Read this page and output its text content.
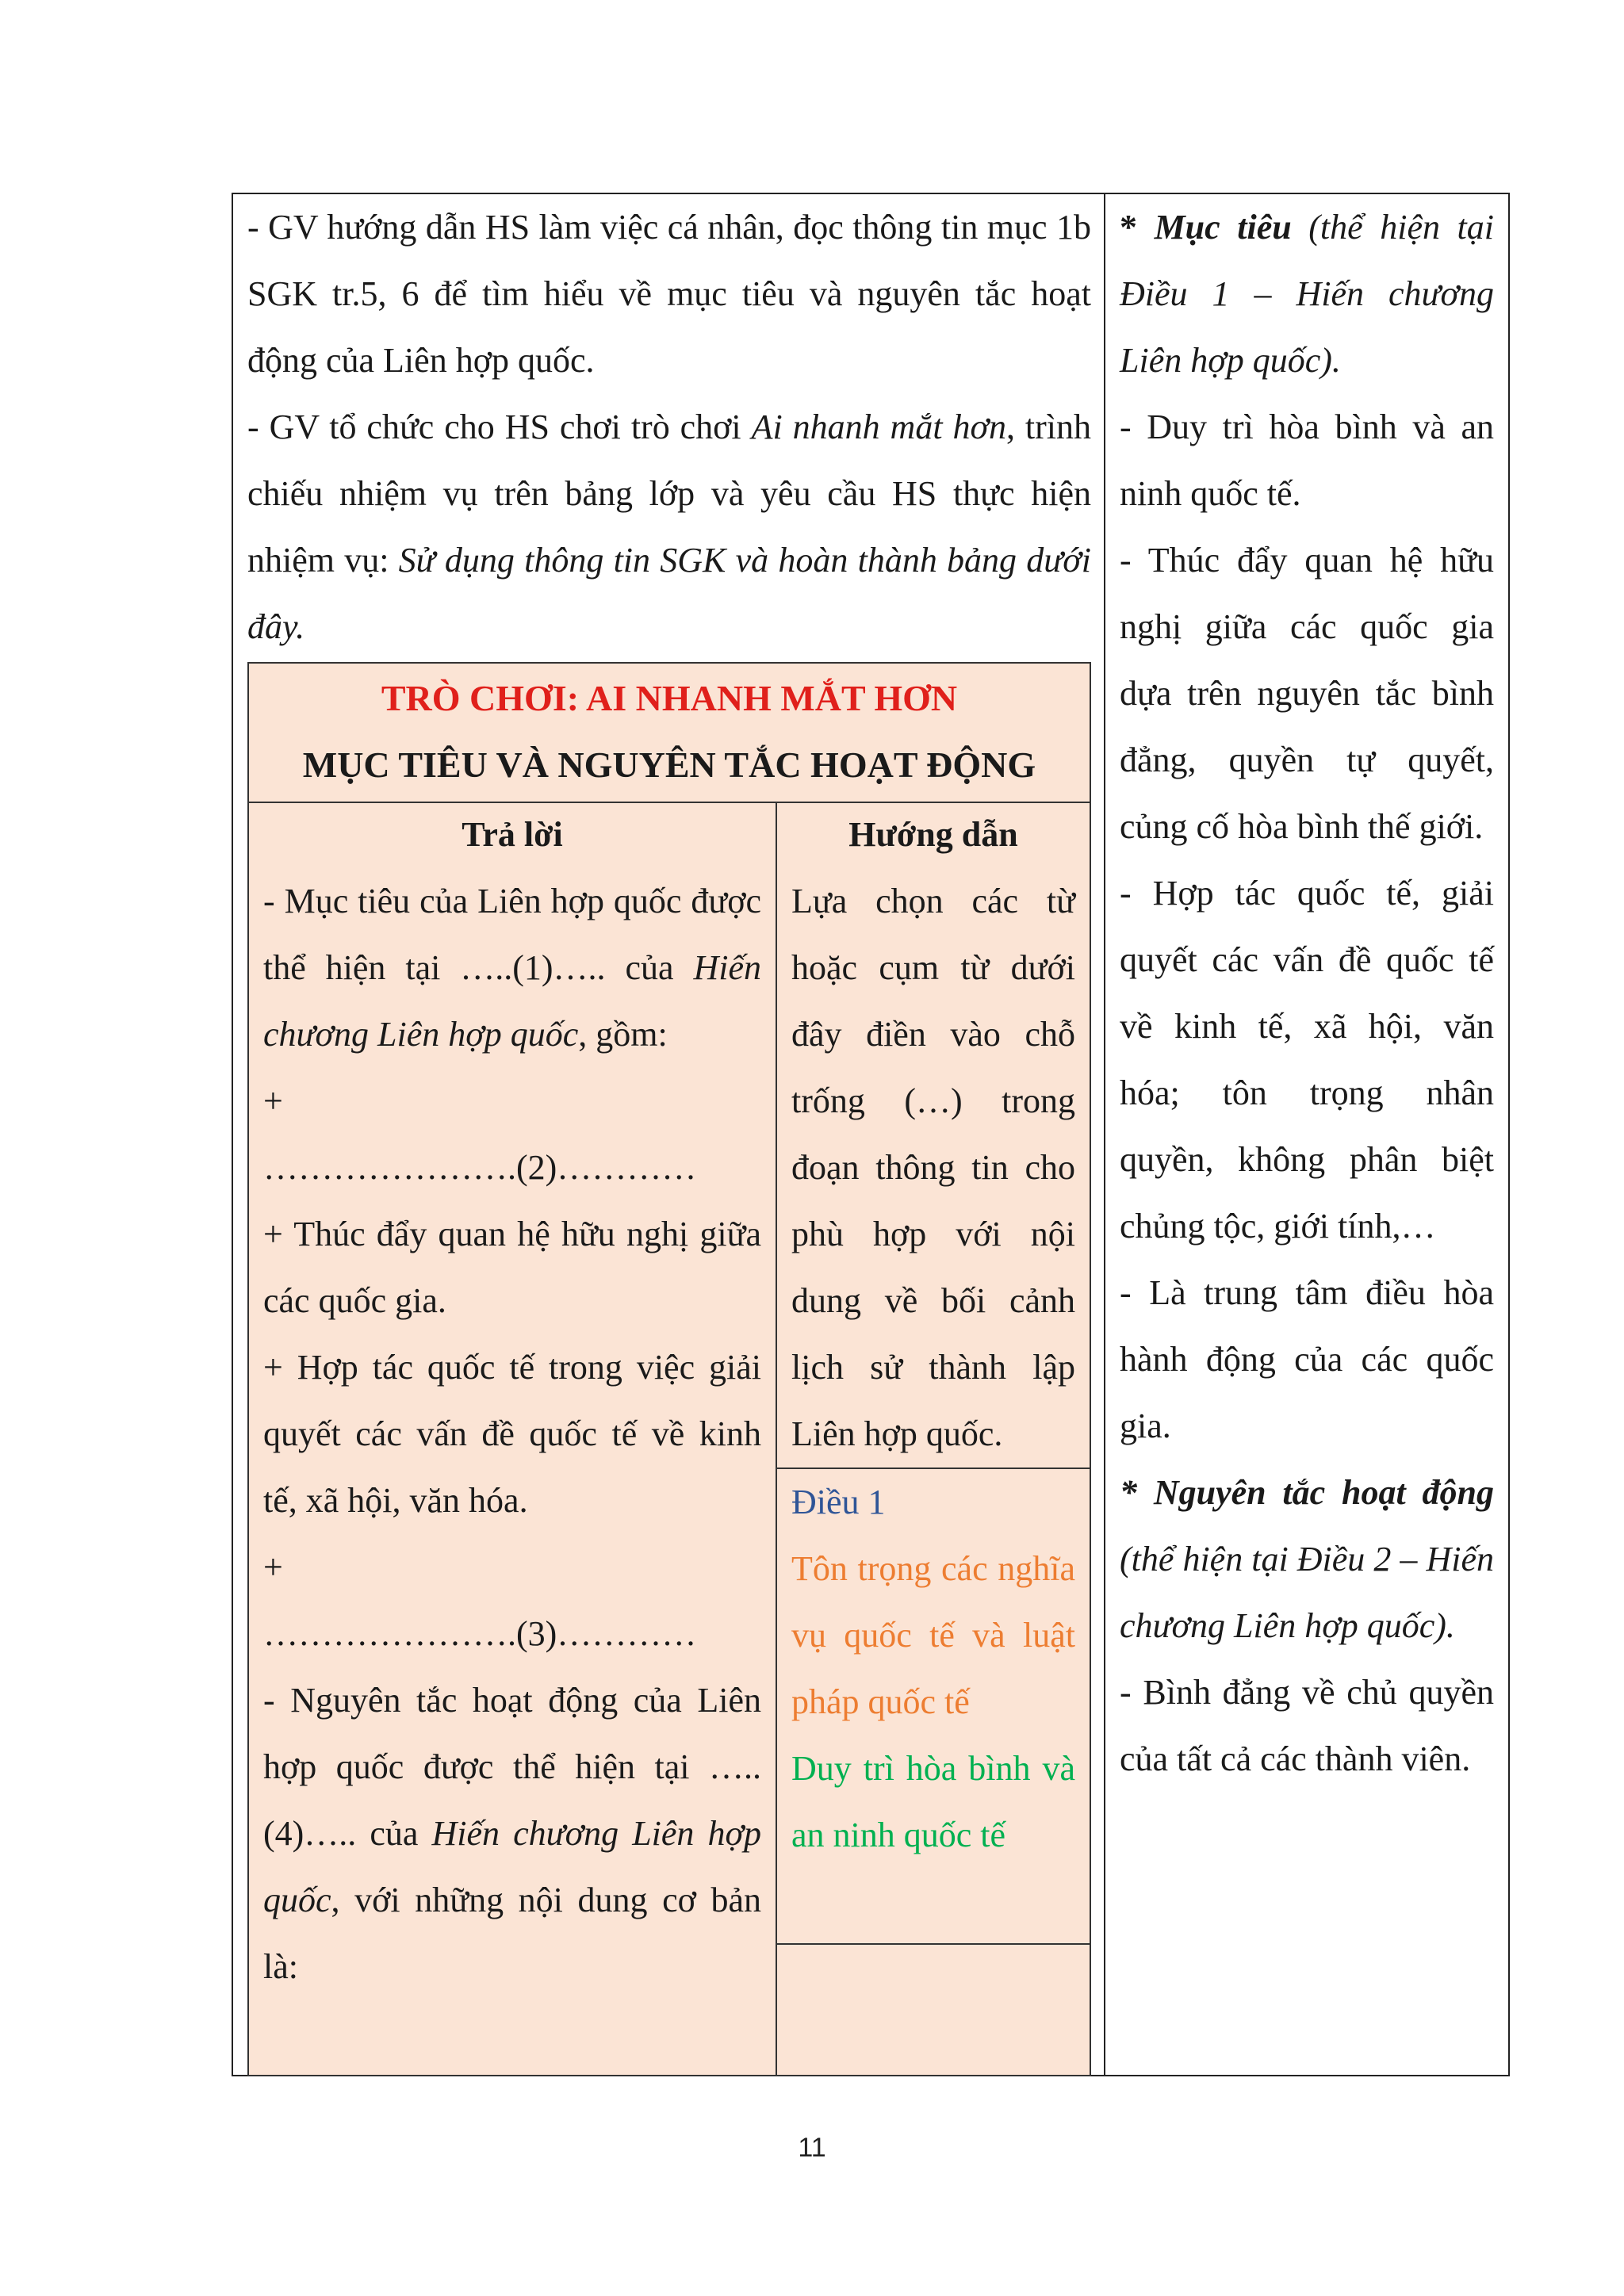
- GV hướng dẫn HS làm việc cá nhân, đọc thông tin mục 1b SGK tr.5, 6 để tìm hiểu về mục tiêu và nguyên tắc hoạt động của Liên hợp quốc.

- GV tổ chức cho HS chơi trò chơi Ai nhanh mắt hơn, trình chiếu nhiệm vụ trên bảng lớp và yêu cầu HS thực hiện nhiệm vụ: Sử dụng thông tin SGK và hoàn thành bảng dưới đây.

TRÒ CHƠI: AI NHANH MẮT HƠN
MỤC TIÊU VÀ NGUYÊN TẮC HOẠT ĐỘNG

Trả lời

- Mục tiêu của Liên hợp quốc được thể hiện tại …..(1)….. của Hiến chương Liên hợp quốc, gồm:

+

………………….(2)…………

+ Thúc đẩy quan hệ hữu nghị giữa các quốc gia.

+ Hợp tác quốc tế trong việc giải quyết các vấn đề quốc tế về kinh tế, xã hội, văn hóa.

+

………………….(3)…………

- Nguyên tắc hoạt động của Liên hợp quốc được thể hiện tại …..(4)….. của Hiến chương Liên hợp quốc, với những nội dung cơ bản là:

Hướng dẫn

Lựa chọn các từ hoặc cụm từ dưới đây điền vào chỗ trống (…) trong đoạn thông tin cho phù hợp với nội dung về bối cảnh lịch sử thành lập Liên hợp quốc.

Điều 1

Tôn trọng các nghĩa vụ quốc tế và luật pháp quốc tế

Duy trì hòa bình và an ninh quốc tế

* Mục tiêu (thể hiện tại Điều 1 – Hiến chương Liên hợp quốc).

- Duy trì hòa bình và an ninh quốc tế.

- Thúc đẩy quan hệ hữu nghị giữa các quốc gia dựa trên nguyên tắc bình đẳng, quyền tự quyết, củng cố hòa bình thế giới.

- Hợp tác quốc tế, giải quyết các vấn đề quốc tế về kinh tế, xã hội, văn hóa; tôn trọng nhân quyền, không phân biệt chủng tộc, giới tính,…

- Là trung tâm điều hòa hành động của các quốc gia.

* Nguyên tắc hoạt động (thể hiện tại Điều 2 – Hiến chương Liên hợp quốc).

- Bình đẳng về chủ quyền của tất cả các thành viên.

11
